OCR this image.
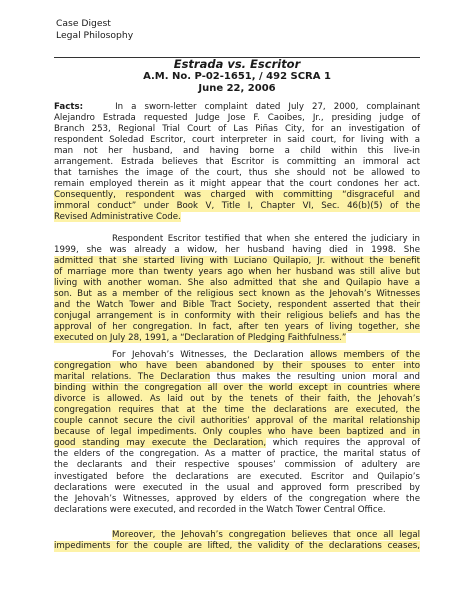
Case Digest
Legal Philosophy
Estrada vs. Escritor
A.M. No. P-02-1651, / 492 SCRA 1
June 22, 2006
Facts:	In a sworn-letter complaint dated July 27, 2000, complainant
Alejandro Estrada requested Judge Jose F. Caoibes, Jr., presiding judge of
Branch 253, Regional Trial Court of Las Piñas City, for an investigation of
respondent Soledad Escritor, court interpreter in said court, for living with a
man not her husband, and having borne a child within this live-in
arrangement. Estrada believes that Escritor is committing an immoral act
that tarnishes the image of the court, thus she should not be allowed to
remain employed therein as it might appear that the court condones her act.
Consequently, respondent was charged with committing “disgraceful and
immoral conduct” under Book V, Title I, Chapter VI, Sec. 46(b)(5) of the
Revised Administrative Code.
Respondent Escritor testified that when she entered the judiciary in
1999, she was already a widow, her husband having died in 1998. She
admitted that she started living with Luciano Quilapio, Jr. without the benefit
of marriage more than twenty years ago when her husband was still alive but
living with another woman. She also admitted that she and Quilapio have a
son. But as a member of the religious sect known as the Jehovah’s Witnesses
and the Watch Tower and Bible Tract Society, respondent asserted that their
conjugal arrangement is in conformity with their religious beliefs and has the
approval of her congregation. In fact, after ten years of living together, she
executed on July 28, 1991, a “Declaration of Pledging Faithfulness.”
For Jehovah’s Witnesses, the Declaration allows members of the
congregation who have been abandoned by their spouses to enter into
marital relations. The Declaration thus makes the resulting union moral and
binding within the congregation all over the world except in countries where
divorce is allowed. As laid out by the tenets of their faith, the Jehovah’s
congregation requires that at the time the declarations are executed, the
couple cannot secure the civil authorities’ approval of the marital relationship
because of legal impediments. Only couples who have been baptized and in
good standing may execute the Declaration, which requires the approval of
the elders of the congregation. As a matter of practice, the marital status of
the declarants and their respective spouses’ commission of adultery are
investigated before the declarations are executed. Escritor and Quilapio’s
declarations were executed in the usual and approved form prescribed by
the Jehovah’s Witnesses, approved by elders of the congregation where the
declarations were executed, and recorded in the Watch Tower Central Office.
Moreover, the Jehovah’s congregation believes that once all legal
impediments for the couple are lifted, the validity of the declarations ceases,
